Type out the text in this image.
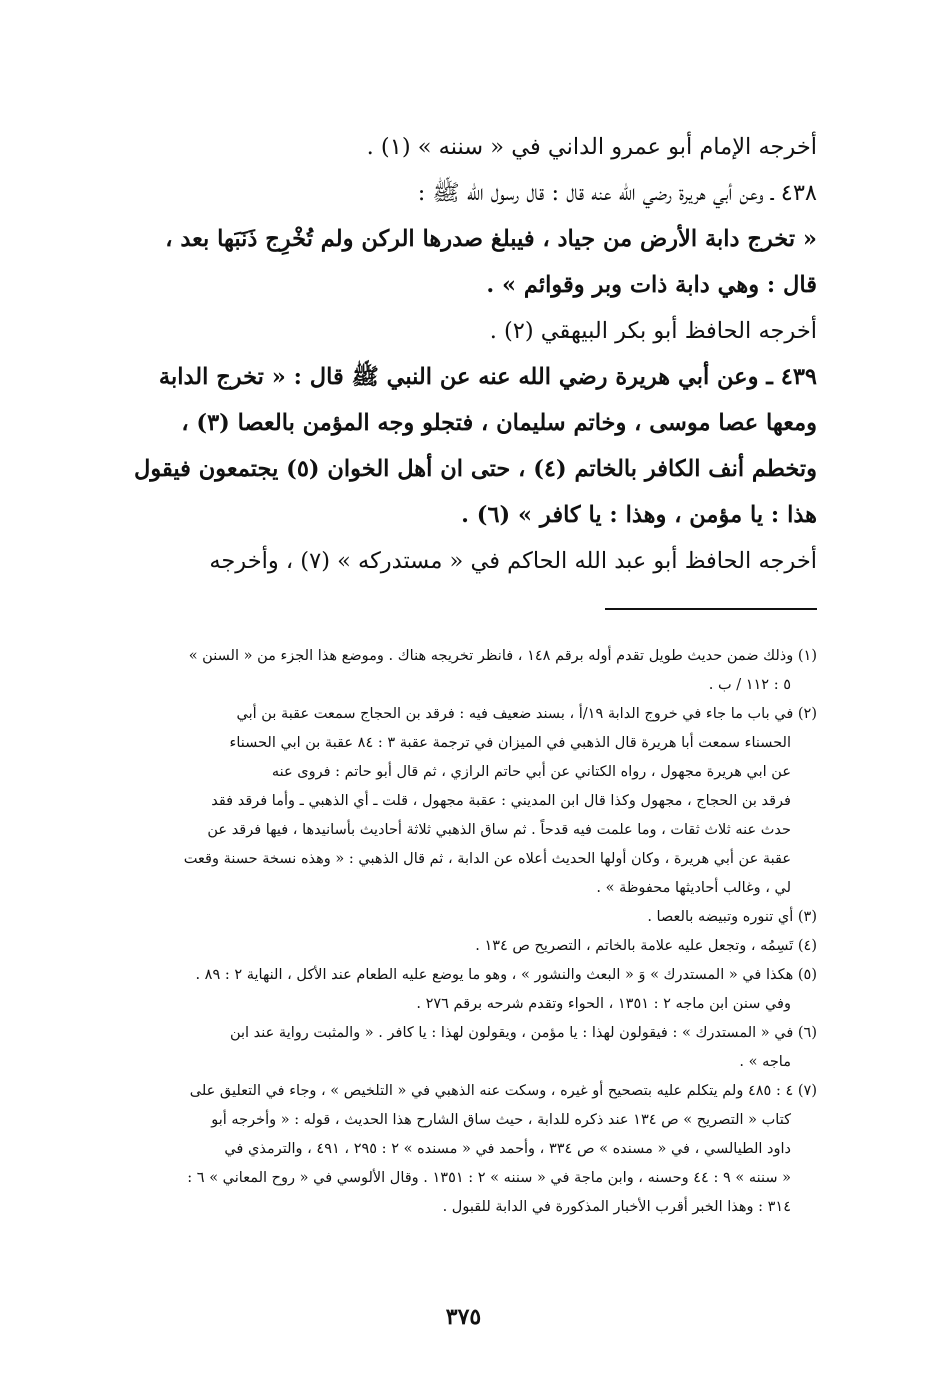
أخرجه الإمام أبو عمرو الداني في « سننه » (١) .

٤٣٨ ـ وعن أبي هريرة رضي الله عنه قال : قال رسول الله ﷺ :

« تخرج دابة الأرض من جياد ، فيبلغ صدرها الركن ولم تُخْرِج ذَنَبَها بعد ،

قال : وهي دابة ذات وبر وقوائم » .

أخرجه الحافظ أبو بكر البيهقي (٢) .

٤٣٩ ـ وعن أبي هريرة رضي الله عنه عن النبي ﷺ قال : « تخرج الدابة

ومعها عصا موسى ، وخاتم سليمان ، فتجلو وجه المؤمن بالعصا (٣) ،

وتخطم أنف الكافر بالخاتم (٤) ، حتى ان أهل الخوان (٥) يجتمعون فيقول

هذا : يا مؤمن ، وهذا : يا كافر » (٦) .

أخرجه الحافظ أبو عبد الله الحاكم في « مستدركه » (٧) ، وأخرجه

(١) وذلك ضمن حديث طويل تقدم أوله برقم ١٤٨ ، فانظر تخريجه هناك . وموضع هذا الجزء من « السنن »

٥ : ١١٢ / ب .

(٢) في باب ما جاء في خروج الدابة ١٩/أ ، بسند ضعيف فيه : فرقد بن الحجاج سمعت عقبة بن أبي

الحسناء سمعت أبا هريرة قال الذهبي في الميزان في ترجمة عقبة ٣ : ٨٤ عقبة بن ابي الحسناء

عن ابي هريرة مجهول ، رواه الكتاني عن أبي حاتم الرازي ، ثم قال أبو حاتم : فروى عنه

فرقد بن الحجاج ، مجهول وكذا قال ابن المديني : عقبة مجهول ، قلت ـ أي الذهبي ـ وأما فرقد فقد

حدث عنه ثلاث ثقات ، وما علمت فيه قدحاً . ثم ساق الذهبي ثلاثة أحاديث بأسانيدها ، فيها فرقد عن

عقبة عن أبي هريرة ، وكان أولها الحديث أعلاه عن الدابة ، ثم قال الذهبي : « وهذه نسخة حسنة وقعت

لي ، وغالب أحاديثها محفوظة » .

(٣) أي تنوره وتبيضه بالعصا .

(٤) تَسِمُه ، وتجعل عليه علامة بالخاتم ، التصريح ص ١٣٤ .

(٥) هكذا في « المستدرك » وَ « البعث والنشور » ، وهو ما يوضع عليه الطعام عند الأكل ، النهاية ٢ : ٨٩ .

وفي سنن ابن ماجه ٢ : ١٣٥١ ، الحواء وتقدم شرحه برقم ٢٧٦ .

(٦) في « المستدرك » : فيقولون لهذا : يا مؤمن ، ويقولون لهذا : يا كافر . « والمثبت رواية عند ابن

ماجه » .

(٧) ٤ : ٤٨٥ ولم يتكلم عليه بتصحيح أو غيره ، وسكت عنه الذهبي في « التلخيص » ، وجاء في التعليق على

كتاب « التصريح » ص ١٣٤ عند ذكره للدابة ، حيث ساق الشارح هذا الحديث ، قوله : « وأخرجه أبو

داود الطيالسي ، في « مسنده » ص ٣٣٤ ، وأحمد في « مسنده » ٢ : ٢٩٥ ، ٤٩١ ، والترمذي في

« سننه » ٩ : ٤٤ وحسنه ، وابن ماجة في « سننه » ٢ : ١٣٥١ . وقال الألوسي في « روح المعاني » ٦ :

٣١٤ : وهذا الخبر أقرب الأخبار المذكورة في الدابة للقبول .

٣٧٥
